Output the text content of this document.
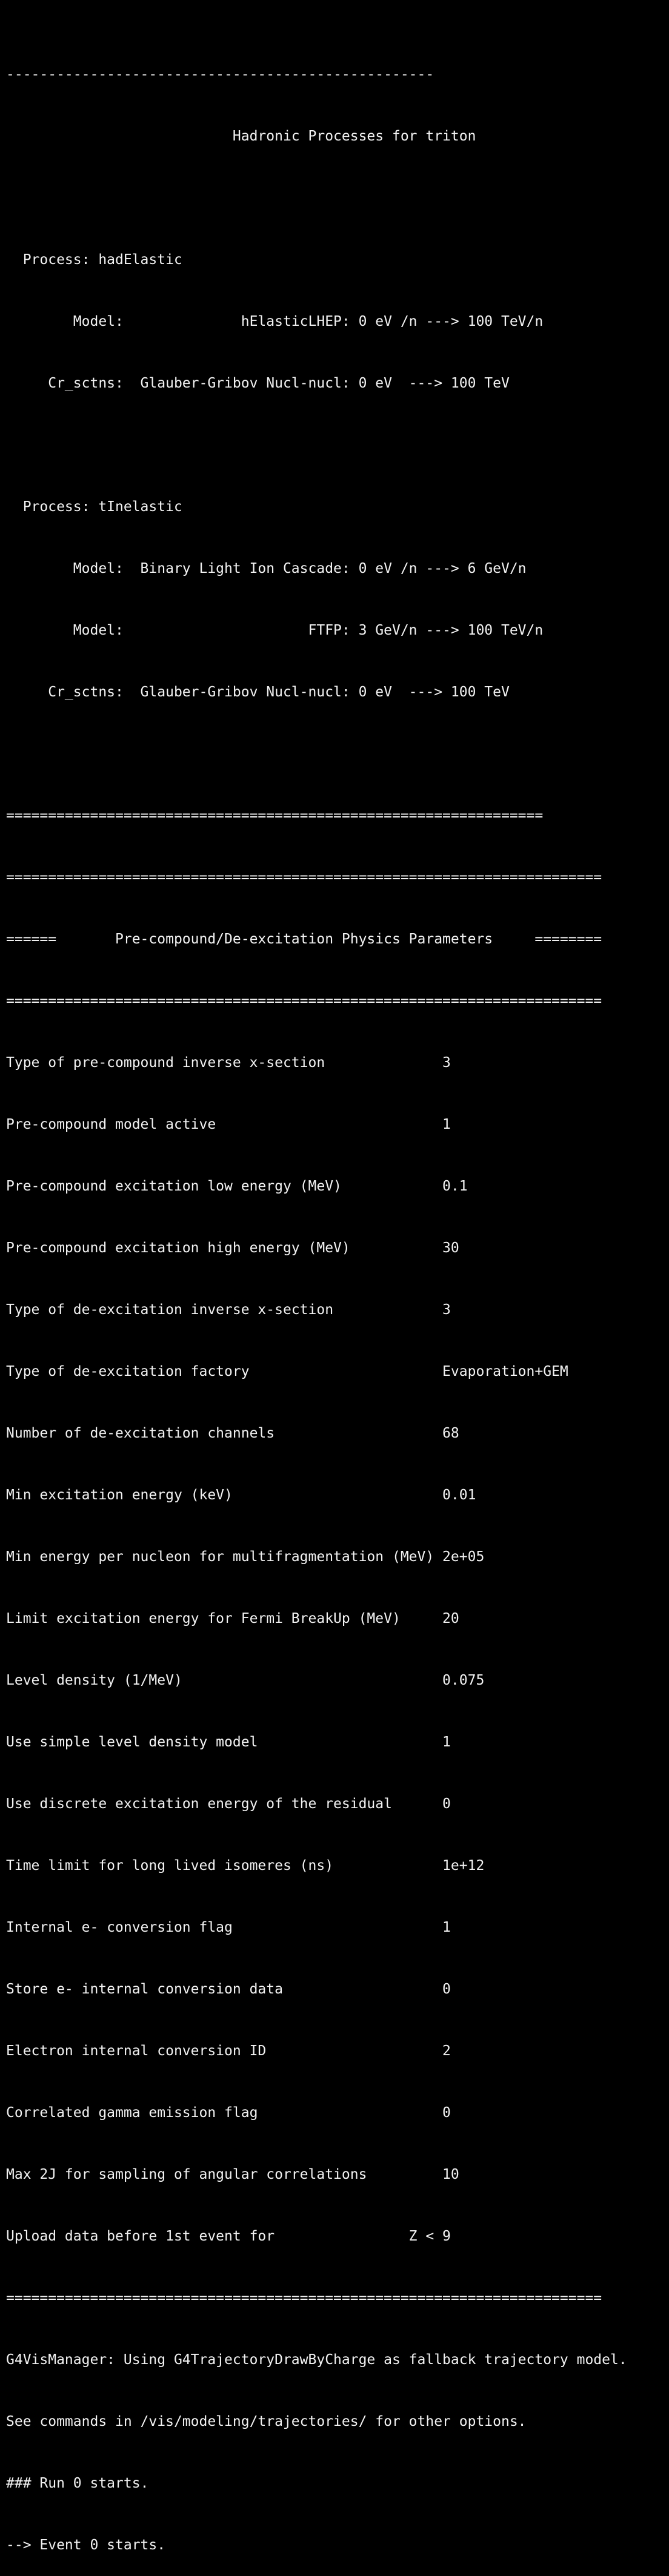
---------------------------------------------------

Hadronic Processes for triton

Process: hadElastic

Model:              hElasticLHEP: 0 eV /n ---> 100 TeV/n

Cr_sctns:  Glauber-Gribov Nucl-nucl: 0 eV  ---> 100 TeV

Process: tInelastic

Model:  Binary Light Ion Cascade: 0 eV /n ---> 6 GeV/n

Model:                      FTFP: 3 GeV/n ---> 100 TeV/n

Cr_sctns:  Glauber-Gribov Nucl-nucl: 0 eV  ---> 100 TeV

================================================================

=======================================================================

======       Pre-compound/De-excitation Physics Parameters     ========

=======================================================================

Type of pre-compound inverse x-section              3

Pre-compound model active                           1

Pre-compound excitation low energy (MeV)            0.1

Pre-compound excitation high energy (MeV)           30

Type of de-excitation inverse x-section             3

Type of de-excitation factory                       Evaporation+GEM

Number of de-excitation channels                    68

Min excitation energy (keV)                         0.01

Min energy per nucleon for multifragmentation (MeV) 2e+05

Limit excitation energy for Fermi BreakUp (MeV)     20

Level density (1/MeV)                               0.075

Use simple level density model                      1

Use discrete excitation energy of the residual      0

Time limit for long lived isomeres (ns)             1e+12

Internal e- conversion flag                         1

Store e- internal conversion data                   0

Electron internal conversion ID                     2

Correlated gamma emission flag                      0

Max 2J for sampling of angular correlations         10

Upload data before 1st event for                Z < 9

=======================================================================

G4VisManager: Using G4TrajectoryDrawByCharge as fallback trajectory model.

See commands in /vis/modeling/trajectories/ for other options.

### Run 0 starts.

--> Event 0 starts.
